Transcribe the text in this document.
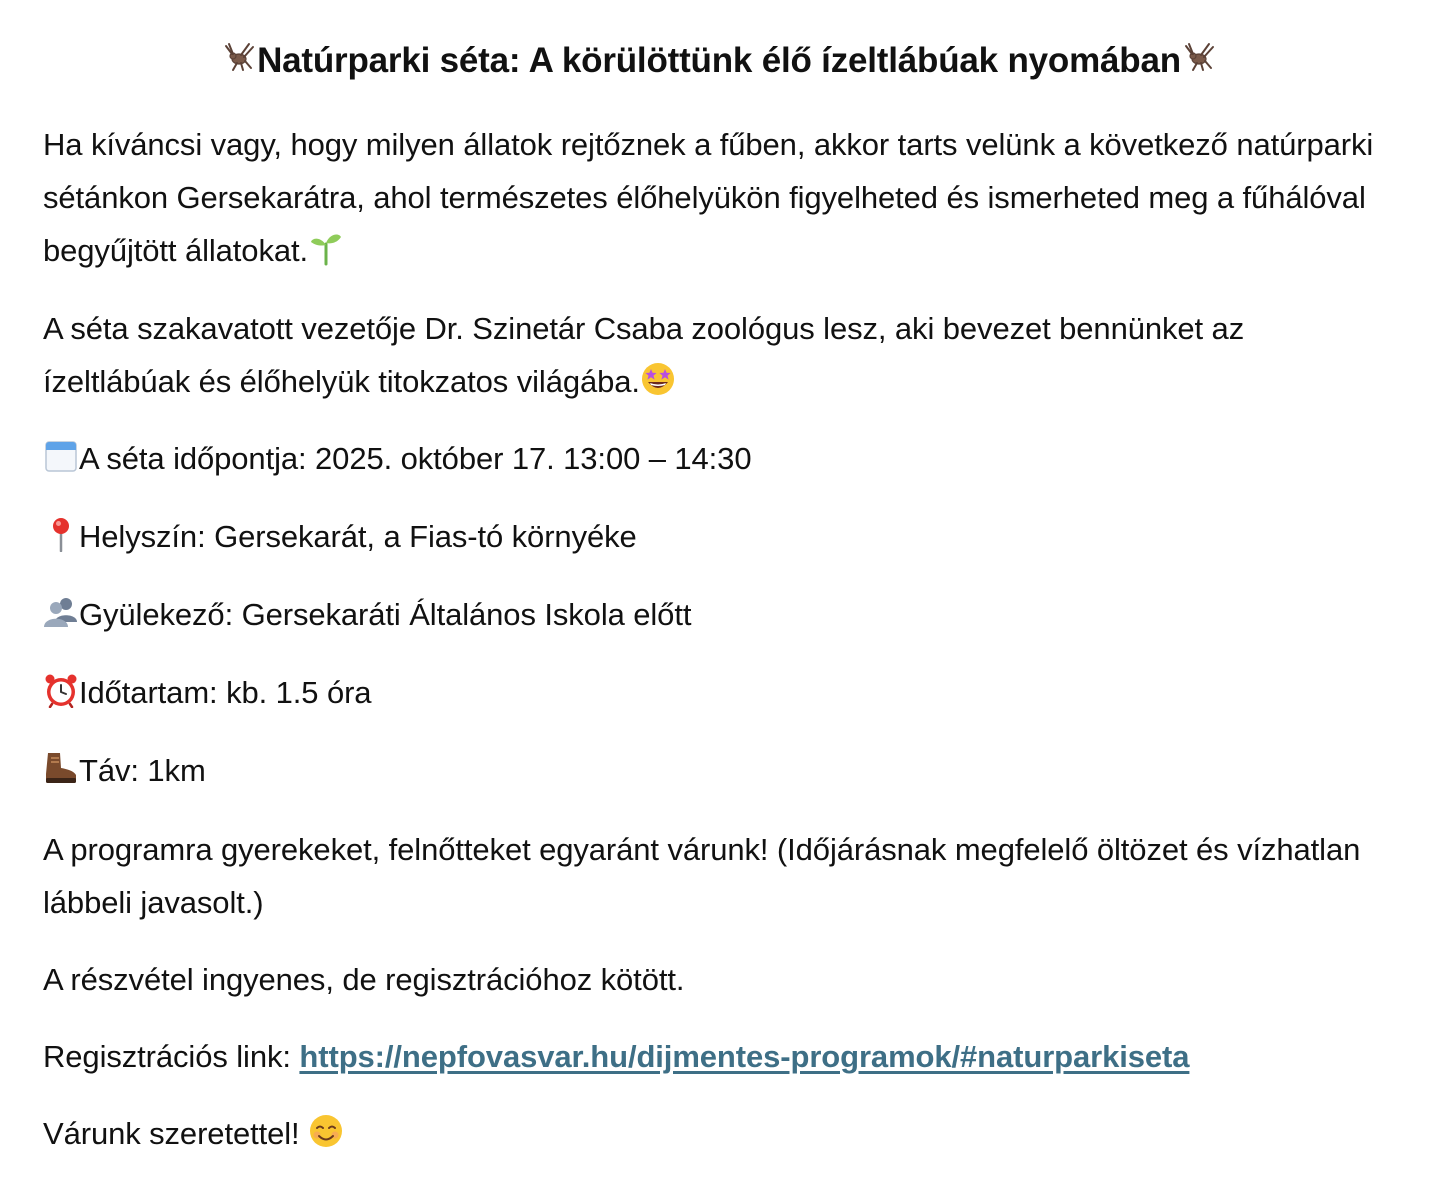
Natúrparki séta: A körülöttünk élő ízeltlábúak nyomában

Ha kíváncsi vagy, hogy milyen állatok rejtőznek a fűben, akkor tarts velünk a következő natúrparki sétánkon Gersekarátra, ahol természetes élőhelyükön figyelheted és ismerheted meg a fűhálóval begyűjtött állatokat.

A séta szakavatott vezetője Dr. Szinetár Csaba zoológus lesz, aki bevezet bennünket az ízeltlábúak és élőhelyük titokzatos világába.

A séta időpontja: 2025. október 17. 13:00 – 14:30

Helyszín: Gersekarát, a Fias-tó környéke

Gyülekező: Gersekaráti Általános Iskola előtt

Időtartam: kb. 1.5 óra

Táv: 1km

A programra gyerekeket, felnőtteket egyaránt várunk! (Időjárásnak megfelelő öltözet és vízhatlan lábbeli javasolt.)

A részvétel ingyenes, de regisztrációhoz kötött.

Regisztrációs link: https://nepfovasvar.hu/dijmentes-programok/#naturparkiseta

Várunk szeretettel!
